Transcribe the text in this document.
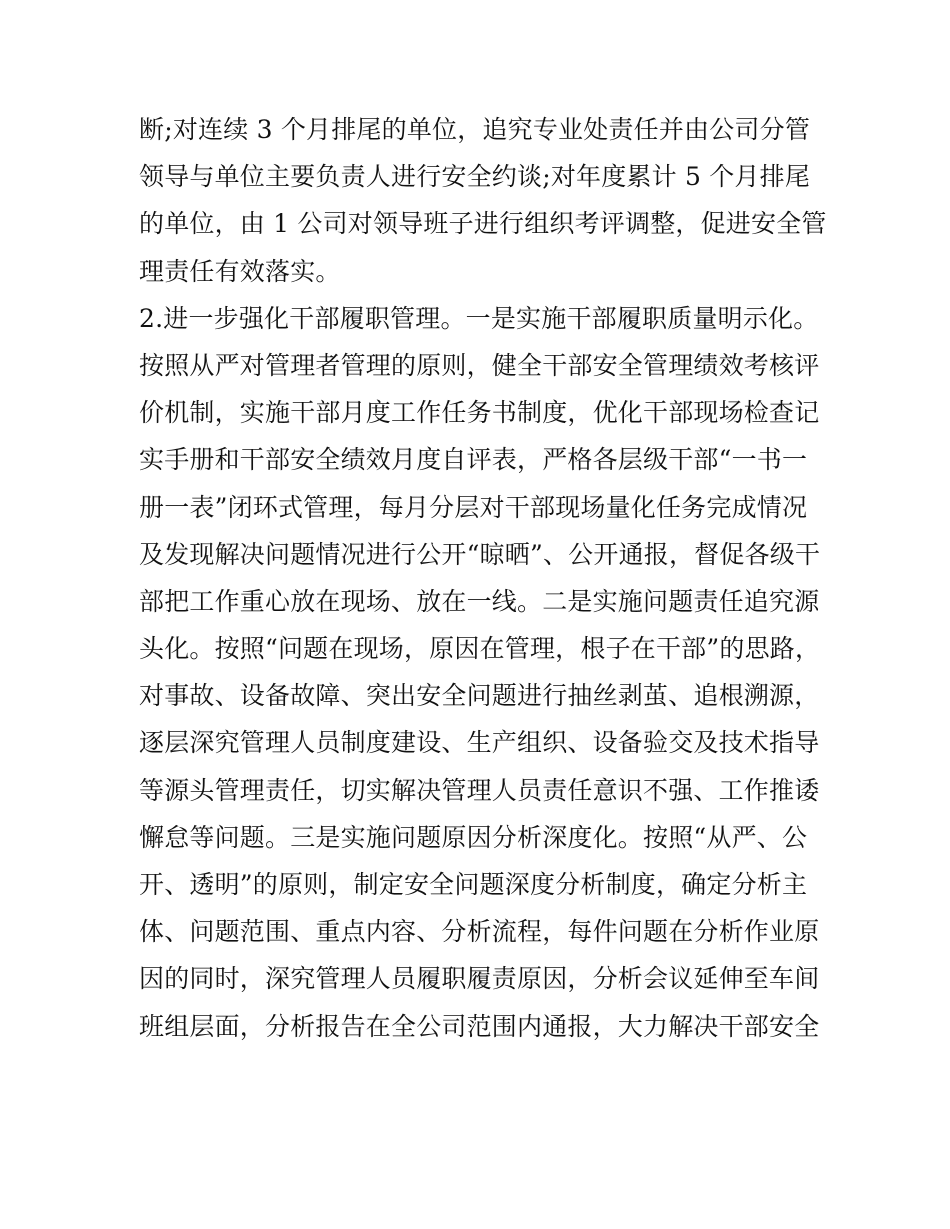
断;对连续 3 个月排尾的单位，追究专业处责任并由公司分管
领导与单位主要负责人进行安全约谈;对年度累计 5 个月排尾
的单位，由 1 公司对领导班子进行组织考评调整，促进安全管
理责任有效落实。
2.进一步强化干部履职管理。一是实施干部履职质量明示化。
按照从严对管理者管理的原则，健全干部安全管理绩效考核评
价机制，实施干部月度工作任务书制度，优化干部现场检查记
实手册和干部安全绩效月度自评表，严格各层级干部“一书一
册一表”闭环式管理，每月分层对干部现场量化任务完成情况
及发现解决问题情况进行公开“晾晒”、公开通报，督促各级干
部把工作重心放在现场、放在一线。二是实施问题责任追究源
头化。按照“问题在现场，原因在管理，根子在干部”的思路，
对事故、设备故障、突出安全问题进行抽丝剥茧、追根溯源，
逐层深究管理人员制度建设、生产组织、设备验交及技术指导
等源头管理责任，切实解决管理人员责任意识不强、工作推诿
懈怠等问题。三是实施问题原因分析深度化。按照“从严、公
开、透明”的原则，制定安全问题深度分析制度，确定分析主
体、问题范围、重点内容、分析流程，每件问题在分析作业原
因的同时，深究管理人员履职履责原因，分析会议延伸至车间
班组层面，分析报告在全公司范围内通报，大力解决干部安全
